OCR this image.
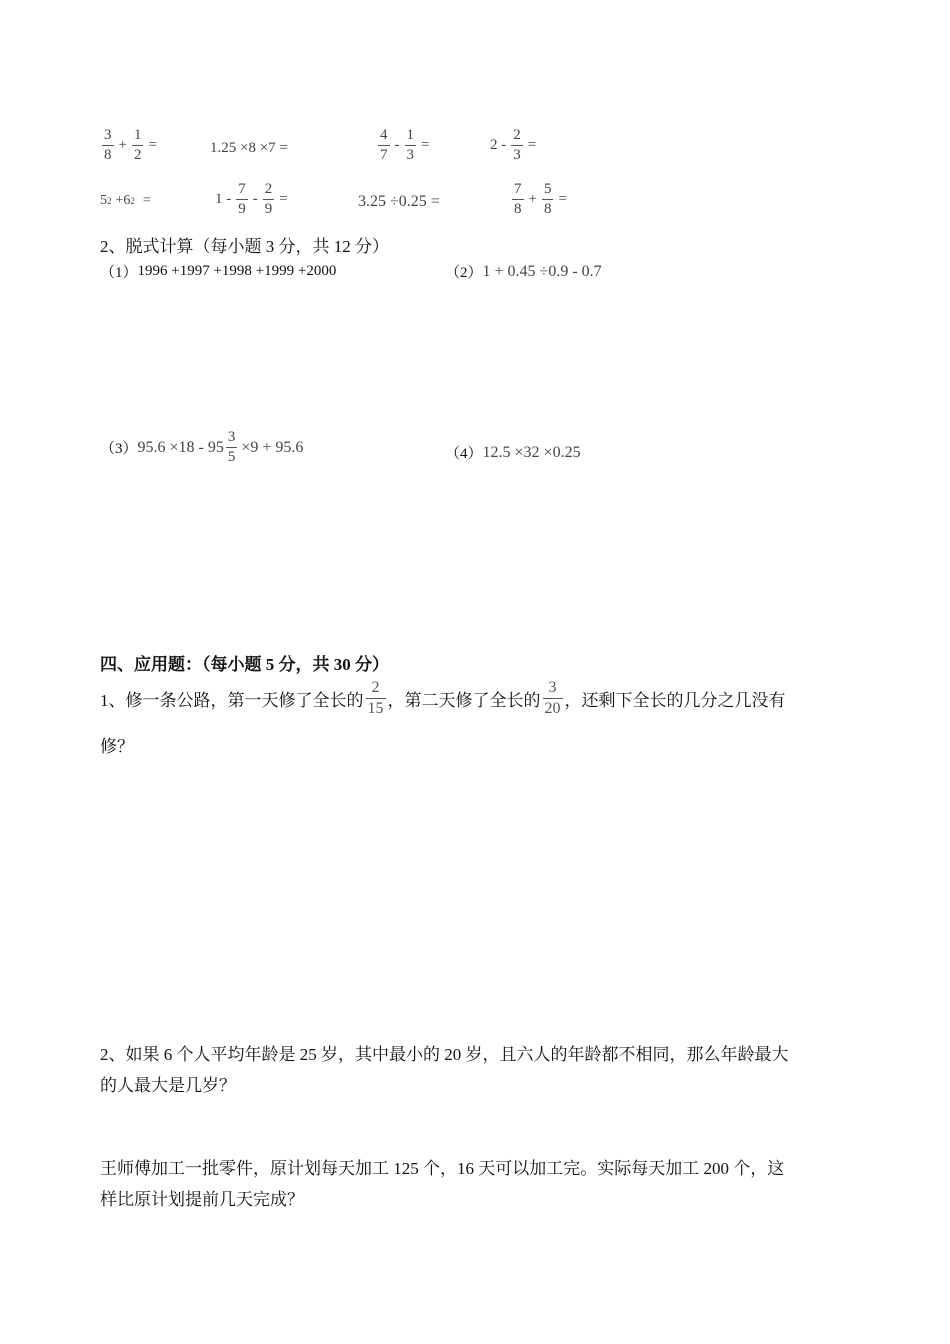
$\frac{3}{8} + \frac{1}{2}$ =	1.25 ×8 ×7 =	$\frac{4}{7} - \frac{1}{3}$ =	$2 - \frac{2}{3}$ =
5 2 +6 2 =	$1 - \frac{7}{9} - \frac{2}{9}$ =	3.25 ÷0.25 =	$\frac{7}{8} + \frac{5}{8}$ =
2、脱式计算（每小题 3 分，共 12 分）
（1） 1996 +1997 +1998 +1999 +2000	（2） 1 + 0.45 ÷0.9 - 0.7
（3） $95.6 \times 18 - 95 \frac{3}{5} \times 9 + 95.6$	（4） 12.5 ×32 ×0.25
四、应用题：（每小题 5 分，共 30 分）
1、修一条公路，第一天修了全长的 $\frac{2}{15}$ ，第二天修了全长的 $\frac{3}{20}$ ，还剩下全长的几分之几没有
修？
2、如果 6 个人平均年龄是 25 岁，其中最小的 20 岁，且六人的年龄都不相同，那么年龄最大
的人最大是几岁？
王师傅加工一批零件，原计划每天加工 125 个，16 天可以加工完。实际每天加工 200 个，这
样比原计划提前几天完成？
